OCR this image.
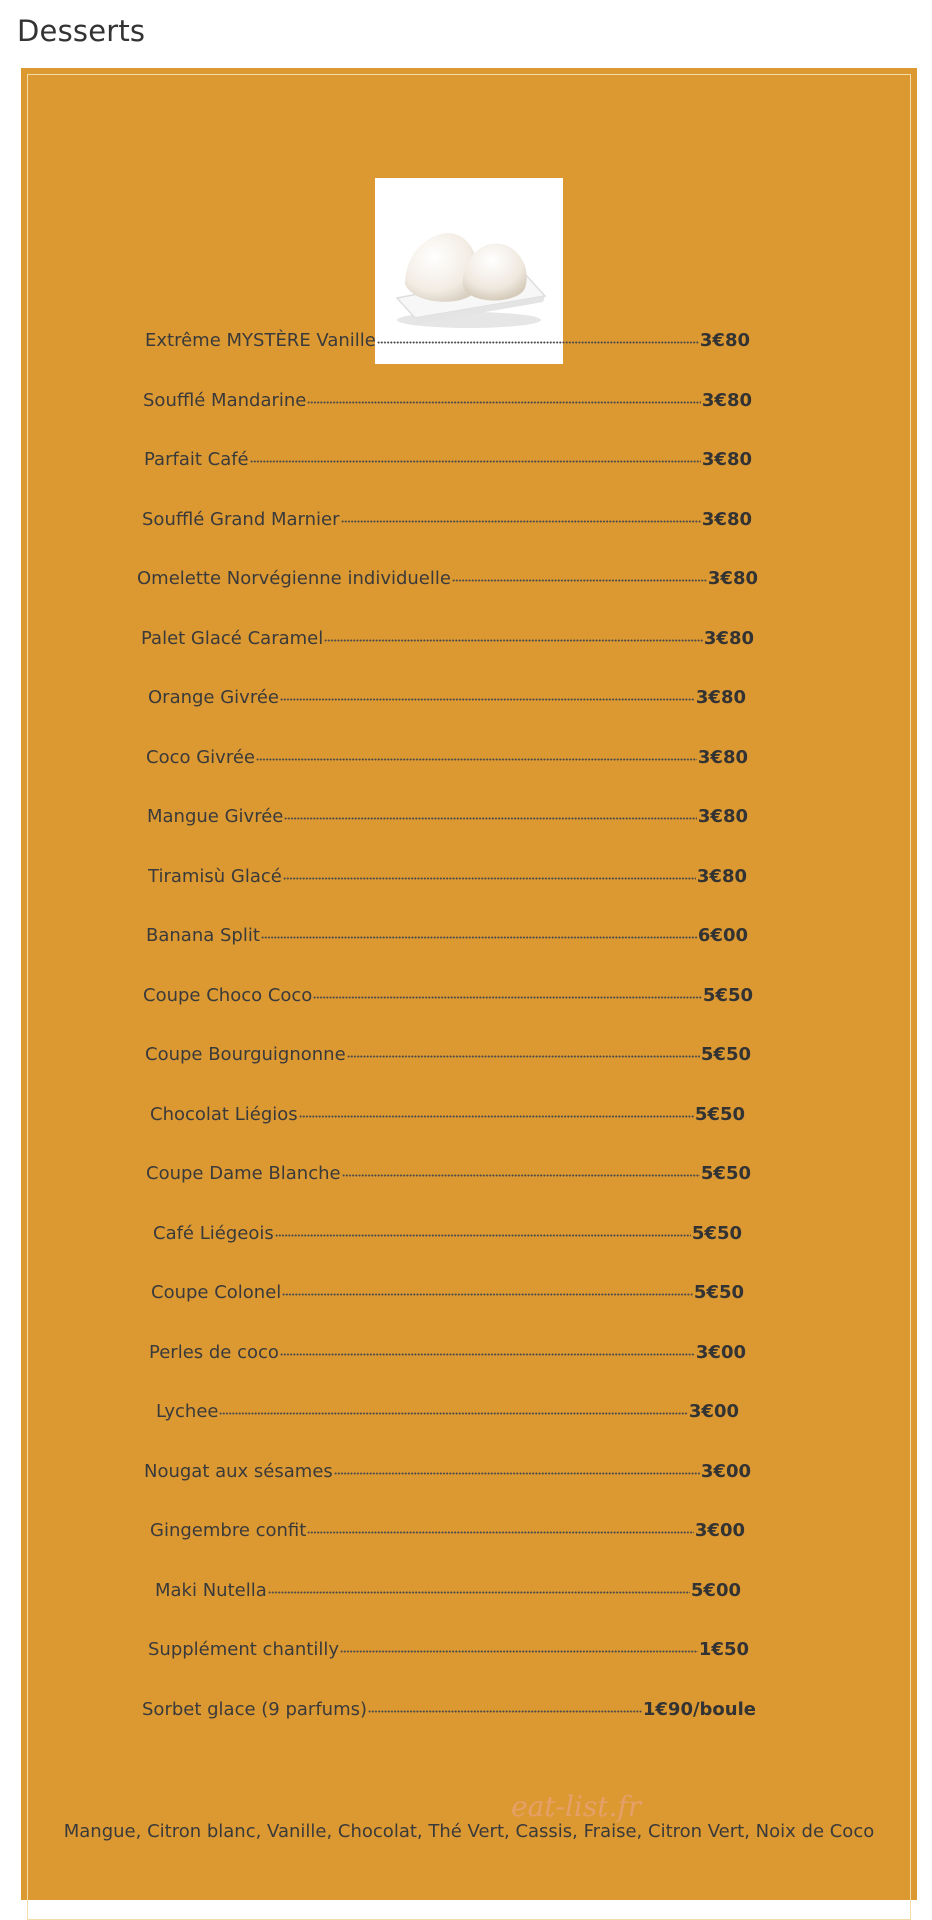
Desserts
Extrême MYSTÈRE Vanille	3€80
Soufflé Mandarine	3€80
Parfait Café	3€80
Soufflé Grand Marnier	3€80
Omelette Norvégienne individuelle	3€80
Palet Glacé Caramel	3€80
Orange Givrée	3€80
Coco Givrée	3€80
Mangue Givrée	3€80
Tiramisù Glacé	3€80
Banana Split	6€00
Coupe Choco Coco	5€50
Coupe Bourguignonne	5€50
Chocolat Liégios	5€50
Coupe Dame Blanche	5€50
Café Liégeois	5€50
Coupe Colonel	5€50
Perles de coco	3€00
Lychee	3€00
Nougat aux sésames	3€00
Gingembre confit	3€00
Maki Nutella	5€00
Supplément chantilly	1€50
Sorbet glace (9 parfums)	1€90/boule

Mangue, Citron blanc, Vanille, Chocolat, Thé Vert, Cassis, Fraise, Citron Vert, Noix de Coco

eat-list.fr
